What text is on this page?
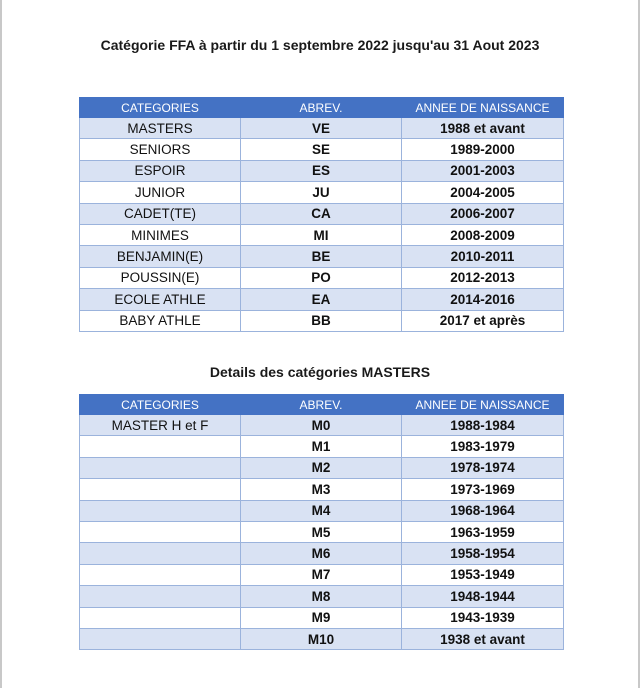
Catégorie FFA à partir du 1 septembre 2022 jusqu'au 31 Aout 2023
CATEGORIES	ABREV.	ANNEE DE NAISSANCE
MASTERS	VE	1988 et avant
SENIORS	SE	1989-2000
ESPOIR	ES	2001-2003
JUNIOR	JU	2004-2005
CADET(TE)	CA	2006-2007
MINIMES	MI	2008-2009
BENJAMIN(E)	BE	2010-2011
POUSSIN(E)	PO	2012-2013
ECOLE ATHLE	EA	2014-2016
BABY ATHLE	BB	2017 et après
Details des catégories MASTERS
CATEGORIES	ABREV.	ANNEE DE NAISSANCE
MASTER H et F	M0	1988-1984
	M1	1983-1979
	M2	1978-1974
	M3	1973-1969
	M4	1968-1964
	M5	1963-1959
	M6	1958-1954
	M7	1953-1949
	M8	1948-1944
	M9	1943-1939
	M10	1938 et avant
